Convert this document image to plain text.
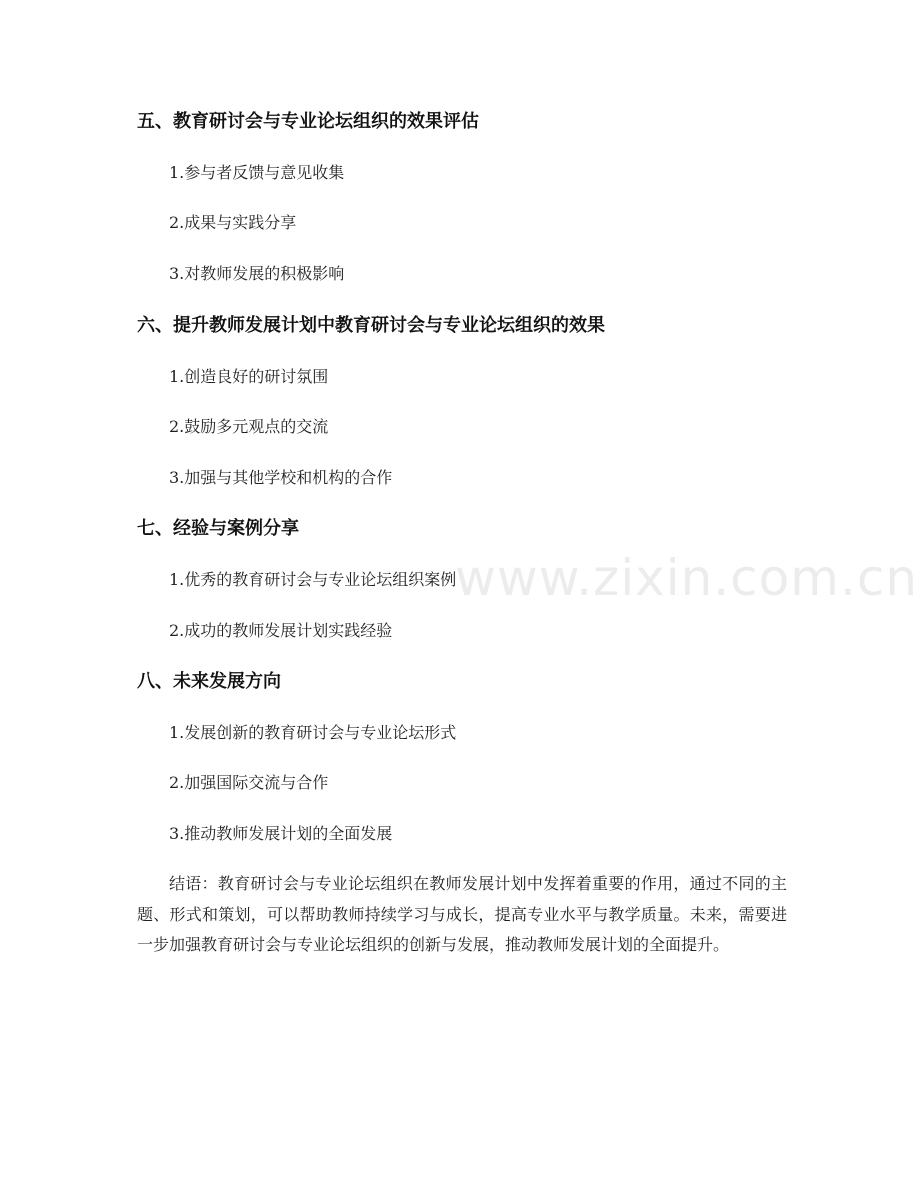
五、教育研讨会与专业论坛组织的效果评估
1.参与者反馈与意见收集
2.成果与实践分享
3.对教师发展的积极影响
六、提升教师发展计划中教育研讨会与专业论坛组织的效果
1.创造良好的研讨氛围
2.鼓励多元观点的交流
3.加强与其他学校和机构的合作
七、经验与案例分享
1.优秀的教育研讨会与专业论坛组织案例
2.成功的教师发展计划实践经验
八、未来发展方向
1.发展创新的教育研讨会与专业论坛形式
2.加强国际交流与合作
3.推动教师发展计划的全面发展
结语：教育研讨会与专业论坛组织在教师发展计划中发挥着重要的作用，通过不同的主题、形式和策划，可以帮助教师持续学习与成长，提高专业水平与教学质量。未来，需要进一步加强教育研讨会与专业论坛组织的创新与发展，推动教师发展计划的全面提升。
www.zixin.com.cn
